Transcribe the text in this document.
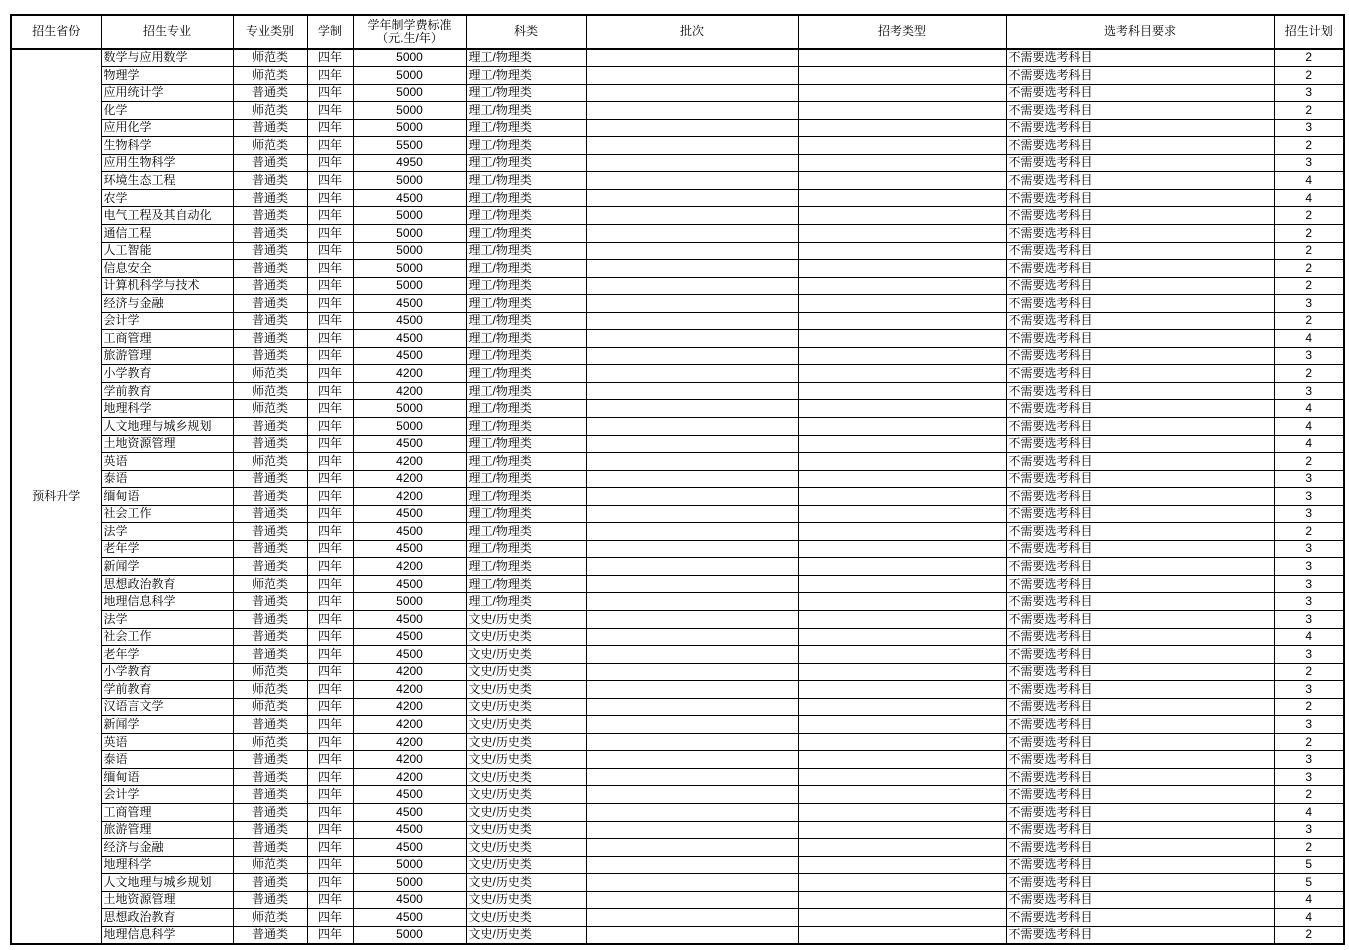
招生省份	招生专业	专业类别	学制	学年制学费标准
（元.生/年）	科类	批次	招考类型	选考科目要求	招生计划
预科升学	数学与应用数学	师范类	四年	5000	理工/物理类			不需要选考科目	2
	物理学	师范类	四年	5000	理工/物理类			不需要选考科目	2
	应用统计学	普通类	四年	5000	理工/物理类			不需要选考科目	3
	化学	师范类	四年	5000	理工/物理类			不需要选考科目	2
	应用化学	普通类	四年	5000	理工/物理类			不需要选考科目	3
	生物科学	师范类	四年	5500	理工/物理类			不需要选考科目	2
	应用生物科学	普通类	四年	4950	理工/物理类			不需要选考科目	3
	环境生态工程	普通类	四年	5000	理工/物理类			不需要选考科目	4
	农学	普通类	四年	4500	理工/物理类			不需要选考科目	4
	电气工程及其自动化	普通类	四年	5000	理工/物理类			不需要选考科目	2
	通信工程	普通类	四年	5000	理工/物理类			不需要选考科目	2
	人工智能	普通类	四年	5000	理工/物理类			不需要选考科目	2
	信息安全	普通类	四年	5000	理工/物理类			不需要选考科目	2
	计算机科学与技术	普通类	四年	5000	理工/物理类			不需要选考科目	2
	经济与金融	普通类	四年	4500	理工/物理类			不需要选考科目	3
	会计学	普通类	四年	4500	理工/物理类			不需要选考科目	2
	工商管理	普通类	四年	4500	理工/物理类			不需要选考科目	4
	旅游管理	普通类	四年	4500	理工/物理类			不需要选考科目	3
	小学教育	师范类	四年	4200	理工/物理类			不需要选考科目	2
	学前教育	师范类	四年	4200	理工/物理类			不需要选考科目	3
	地理科学	师范类	四年	5000	理工/物理类			不需要选考科目	4
	人文地理与城乡规划	普通类	四年	5000	理工/物理类			不需要选考科目	4
	土地资源管理	普通类	四年	4500	理工/物理类			不需要选考科目	4
	英语	师范类	四年	4200	理工/物理类			不需要选考科目	2
	泰语	普通类	四年	4200	理工/物理类			不需要选考科目	3
	缅甸语	普通类	四年	4200	理工/物理类			不需要选考科目	3
	社会工作	普通类	四年	4500	理工/物理类			不需要选考科目	3
	法学	普通类	四年	4500	理工/物理类			不需要选考科目	2
	老年学	普通类	四年	4500	理工/物理类			不需要选考科目	3
	新闻学	普通类	四年	4200	理工/物理类			不需要选考科目	3
	思想政治教育	师范类	四年	4500	理工/物理类			不需要选考科目	3
	地理信息科学	普通类	四年	5000	理工/物理类			不需要选考科目	3
	法学	普通类	四年	4500	文史/历史类			不需要选考科目	3
	社会工作	普通类	四年	4500	文史/历史类			不需要选考科目	4
	老年学	普通类	四年	4500	文史/历史类			不需要选考科目	3
	小学教育	师范类	四年	4200	文史/历史类			不需要选考科目	2
	学前教育	师范类	四年	4200	文史/历史类			不需要选考科目	3
	汉语言文学	师范类	四年	4200	文史/历史类			不需要选考科目	2
	新闻学	普通类	四年	4200	文史/历史类			不需要选考科目	3
	英语	师范类	四年	4200	文史/历史类			不需要选考科目	2
	泰语	普通类	四年	4200	文史/历史类			不需要选考科目	3
	缅甸语	普通类	四年	4200	文史/历史类			不需要选考科目	3
	会计学	普通类	四年	4500	文史/历史类			不需要选考科目	2
	工商管理	普通类	四年	4500	文史/历史类			不需要选考科目	4
	旅游管理	普通类	四年	4500	文史/历史类			不需要选考科目	3
	经济与金融	普通类	四年	4500	文史/历史类			不需要选考科目	2
	地理科学	师范类	四年	5000	文史/历史类			不需要选考科目	5
	人文地理与城乡规划	普通类	四年	5000	文史/历史类			不需要选考科目	5
	土地资源管理	普通类	四年	4500	文史/历史类			不需要选考科目	4
	思想政治教育	师范类	四年	4500	文史/历史类			不需要选考科目	4
	地理信息科学	普通类	四年	5000	文史/历史类			不需要选考科目	2
